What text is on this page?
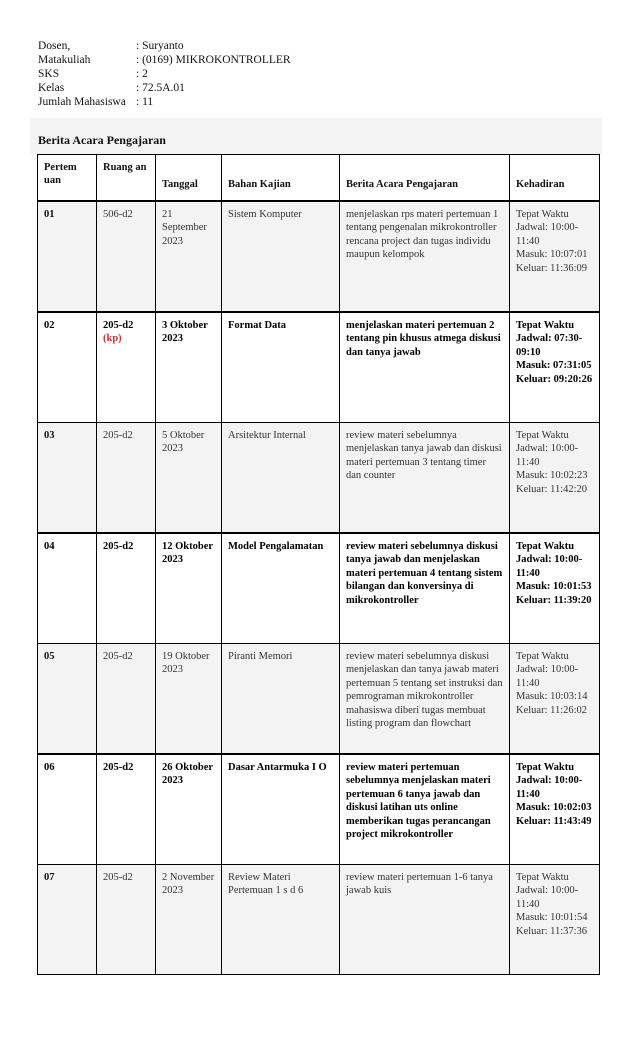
Dosen,	: Suryanto
Matakuliah	: (0169) MIKROKONTROLLER
SKS	: 2
Kelas	: 72.5A.01
Jumlah Mahasiswa : 11
Berita Acara Pengajaran
Pertem uan	Ruang an	Tanggal	Bahan Kajian	Berita Acara Pengajaran	Kehadiran
01	506-d2	21 September 2023	Sistem Komputer	menjelaskan rps materi pertemuan 1 tentang pengenalan mikrokontroller rencana project dan tugas individu maupun kelompok	Tepat Waktu
Jadwal: 10:00-11:40
Masuk: 10:07:01
Keluar: 11:36:09

02	205-d2 (kp)	3 Oktober 2023	Format Data	menjelaskan materi pertemuan 2 tentang pin khusus atmega diskusi dan tanya jawab	Tepat Waktu
Jadwal: 07:30-09:10
Masuk: 07:31:05
Keluar: 09:20:26

03	205-d2	5 Oktober 2023	Arsitektur Internal	review materi sebelumnya menjelaskan tanya jawab dan diskusi materi pertemuan 3 tentang timer dan counter	Tepat Waktu
Jadwal: 10:00-11:40
Masuk: 10:02:23
Keluar: 11:42:20

04	205-d2	12 Oktober 2023	Model Pengalamatan	review materi sebelumnya diskusi tanya jawab dan menjelaskan materi pertemuan 4 tentang sistem bilangan dan konversinya di mikrokontroller	Tepat Waktu
Jadwal: 10:00-11:40
Masuk: 10:01:53
Keluar: 11:39:20

05	205-d2	19 Oktober 2023	Piranti Memori	review materi sebelumnya diskusi menjelaskan dan tanya jawab materi pertemuan 5 tentang set instruksi dan pemrograman mikrokontroller mahasiswa diberi tugas membuat listing program dan flowchart	Tepat Waktu
Jadwal: 10:00-11:40
Masuk: 10:03:14
Keluar: 11:26:02

06	205-d2	26 Oktober 2023	Dasar Antarmuka I O	review materi pertemuan sebelumnya menjelaskan materi pertemuan 6 tanya jawab dan diskusi latihan uts online memberikan tugas perancangan project mikrokontroller	Tepat Waktu
Jadwal: 10:00-11:40
Masuk: 10:02:03
Keluar: 11:43:49

07	205-d2	2 November 2023	Review Materi Pertemuan 1 s d 6	review materi pertemuan 1-6 tanya jawab kuis	Tepat Waktu
Jadwal: 10:00-11:40
Masuk: 10:01:54
Keluar: 11:37:36
